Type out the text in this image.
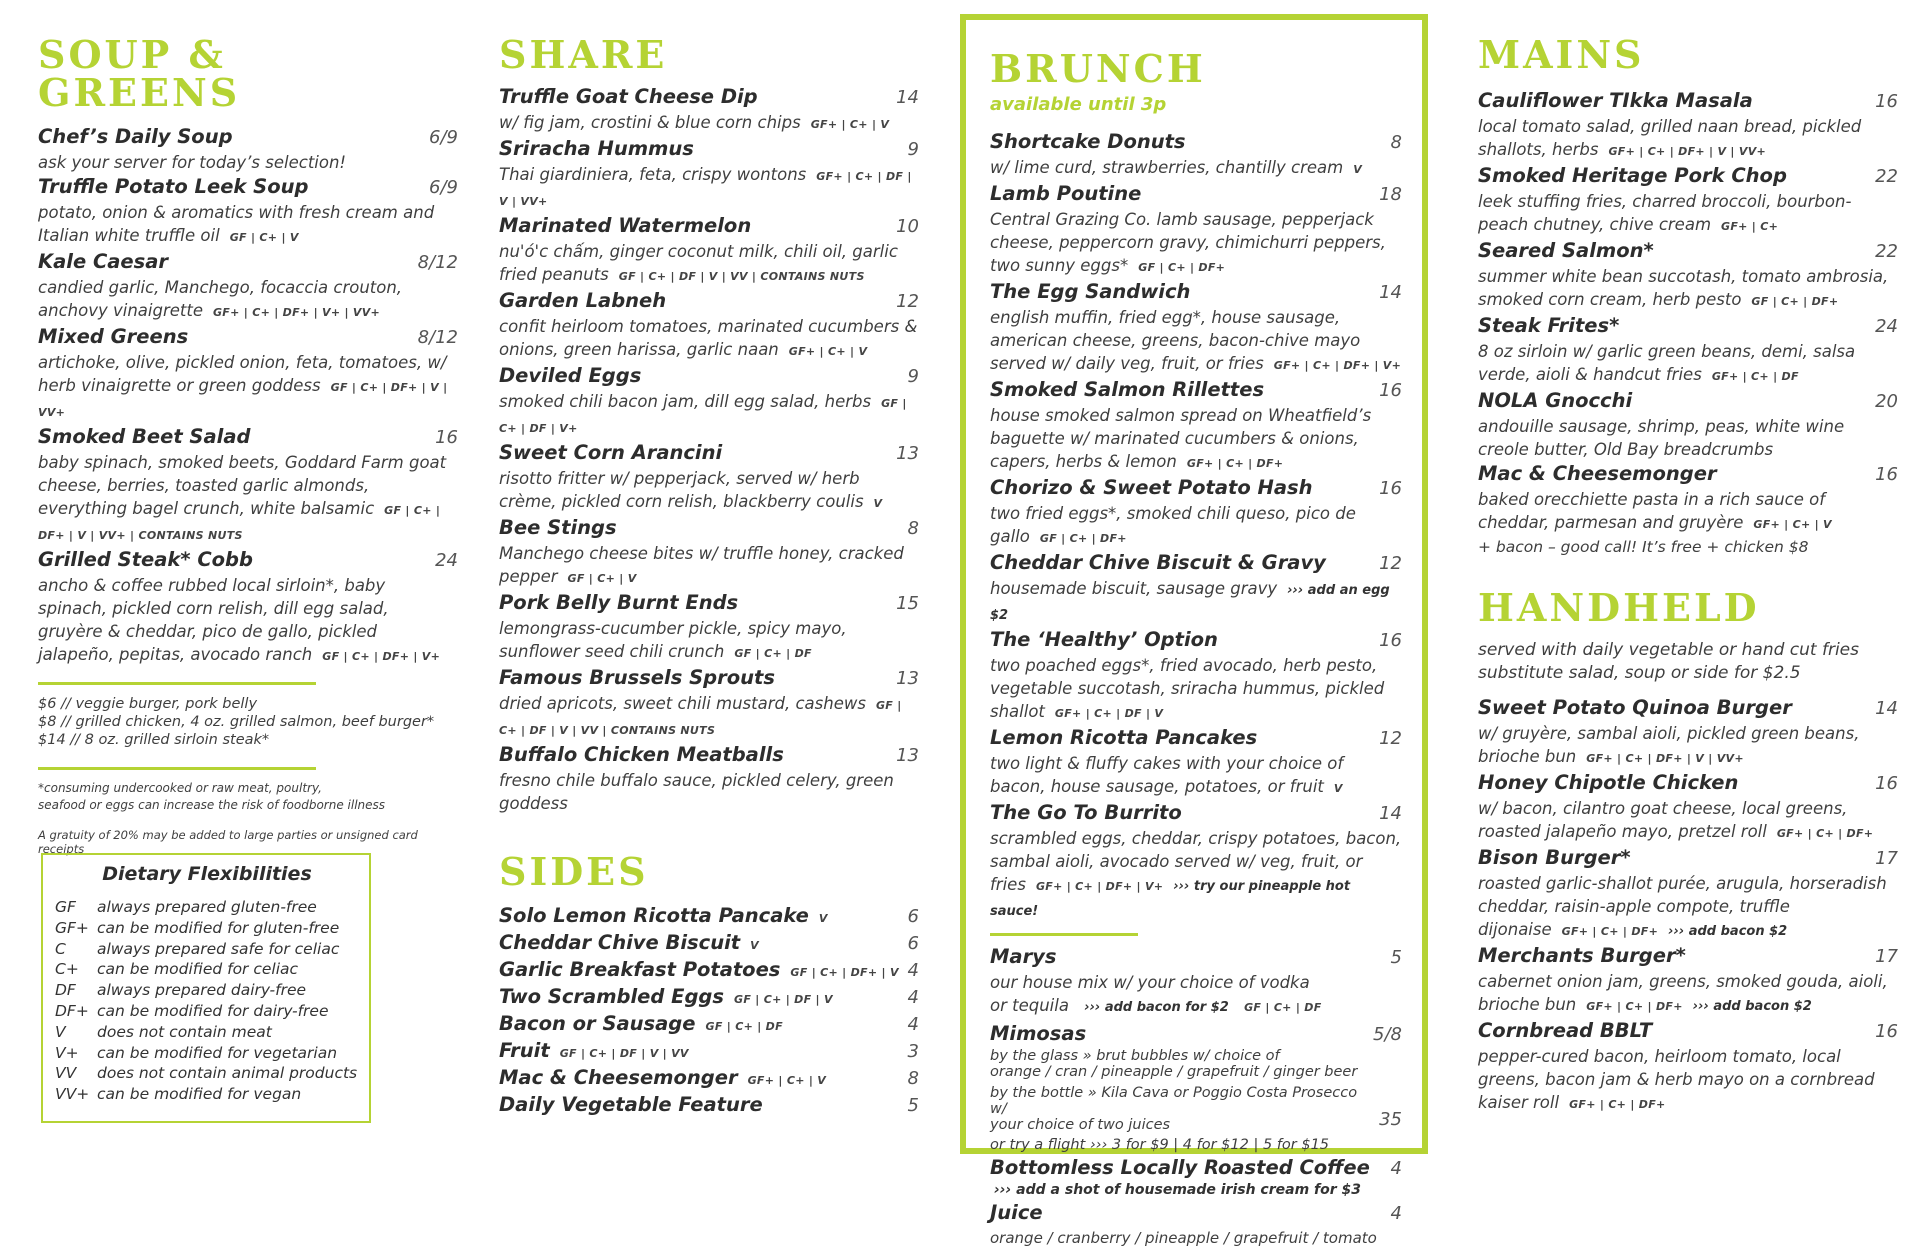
SOUP &
GREENS
Chef’s Daily Soup	6/9
ask your server for today’s selection!
Truffle Potato Leek Soup	6/9
potato, onion & aromatics with fresh cream and Italian white truffle oil GF | C+ | V
Kale Caesar	8/12
candied garlic, Manchego, focaccia crouton, anchovy vinaigrette GF+ | C+ | DF+ | V+ | VV+
Mixed Greens	8/12
artichoke, olive, pickled onion, feta, tomatoes, w/ herb vinaigrette or green goddess GF | C+ | DF+ | V | VV+
Smoked Beet Salad	16
baby spinach, smoked beets, Goddard Farm goat cheese, berries, toasted garlic almonds, everything bagel crunch, white balsamic GF | C+ | DF+ | V | VV+ | CONTAINS NUTS
Grilled Steak* Cobb	24
ancho & coffee rubbed local sirloin*, baby spinach, pickled corn relish, dill egg salad, gruyère & cheddar, pico de gallo, pickled jalapeño, pepitas, avocado ranch GF | C+ | DF+ | V+
$6 // veggie burger, pork belly
$8 // grilled chicken, 4 oz. grilled salmon, beef burger*
$14 // 8 oz. grilled sirloin steak*
*consuming undercooked or raw meat, poultry,
seafood or eggs can increase the risk of foodborne illness
A gratuity of 20% may be added to large parties or unsigned card receipts
Dietary Flexibilities
GF	always prepared gluten-free
GF+ can be modified for gluten-free
C	always prepared safe for celiac
C+	can be modified for celiac
DF	always prepared dairy-free
DF+ can be modified for dairy-free
V	does not contain meat
V+	can be modified for vegetarian
VV	does not contain animal products
VV+ can be modified for vegan
SHARE
Truffle Goat Cheese Dip	14
w/ fig jam, crostini & blue corn chips GF+ | C+ | V
Sriracha Hummus	9
Thai giardiniera, feta, crispy wontons GF+ | C+ | DF | V | VV+
Marinated Watermelon	10
nu'ó'c chấm, ginger coconut milk, chili oil, garlic fried peanuts GF | C+ | DF | V | VV | CONTAINS NUTS
Garden Labneh	12
confit heirloom tomatoes, marinated cucumbers & onions, green harissa, garlic naan GF+ | C+ | V
Deviled Eggs	9
smoked chili bacon jam, dill egg salad, herbs GF | C+ | DF | V+
Sweet Corn Arancini	13
risotto fritter w/ pepperjack, served w/ herb crème, pickled corn relish, blackberry coulis V
Bee Stings	8
Manchego cheese bites w/ truffle honey, cracked pepper GF | C+ | V
Pork Belly Burnt Ends	15
lemongrass-cucumber pickle, spicy mayo, sunflower seed chili crunch GF | C+ | DF
Famous Brussels Sprouts	13
dried apricots, sweet chili mustard, cashews GF | C+ | DF | V | VV | CONTAINS NUTS
Buffalo Chicken Meatballs	13
fresno chile buffalo sauce, pickled celery, green goddess
SIDES
Solo Lemon Ricotta Pancake V	6
Cheddar Chive Biscuit V	6
Garlic Breakfast Potatoes GF | C+ | DF+ | V 4
Two Scrambled Eggs GF | C+ | DF | V	4
Bacon or Sausage GF | C+ | DF	4
Fruit GF | C+ | DF | V | VV	3
Mac & Cheesemonger GF+ | C+ | V	8
Daily Vegetable Feature	5
BRUNCH
available until 3p
Shortcake Donuts	8
w/ lime curd, strawberries, chantilly cream V
Lamb Poutine	18
Central Grazing Co. lamb sausage, pepperjack cheese, peppercorn gravy, chimichurri peppers, two sunny eggs* GF | C+ | DF+
The Egg Sandwich	14
english muffin, fried egg*, house sausage, american cheese, greens, bacon-chive mayo served w/ daily veg, fruit, or fries GF+ | C+ | DF+ | V+
Smoked Salmon Rillettes	16
house smoked salmon spread on Wheatfield’s baguette w/ marinated cucumbers & onions, capers, herbs & lemon GF+ | C+ | DF+
Chorizo & Sweet Potato Hash	16
two fried eggs*, smoked chili queso, pico de gallo GF | C+ | DF+
Cheddar Chive Biscuit & Gravy	12
housemade biscuit, sausage gravy ››› add an egg $2
The ‘Healthy’ Option	16
two poached eggs*, fried avocado, herb pesto, vegetable succotash, sriracha hummus, pickled shallot GF+ | C+ | DF | V
Lemon Ricotta Pancakes	12
two light & fluffy cakes with your choice of bacon, house sausage, potatoes, or fruit V
The Go To Burrito	14
scrambled eggs, cheddar, crispy potatoes, bacon, sambal aioli, avocado served w/ veg, fruit, or fries GF+ | C+ | DF+ | V+ ››› try our pineapple hot sauce!
Marys	5
our house mix w/ your choice of vodka
or tequila ››› add bacon for $2 GF | C+ | DF
Mimosas	5/8
by the glass » brut bubbles w/ choice of
orange / cran / pineapple / grapefruit / ginger beer
by the bottle » Kila Cava or Poggio Costa Prosecco w/
your choice of two juices	35
or try a flight ››› 3 for $9 | 4 for $12 | 5 for $15
Bottomless Locally Roasted Coffee	4
››› add a shot of housemade irish cream for $3
Juice	4
orange / cranberry / pineapple / grapefruit / tomato
MAINS
Cauliflower TIkka Masala	16
local tomato salad, grilled naan bread, pickled shallots, herbs GF+ | C+ | DF+ | V | VV+
Smoked Heritage Pork Chop	22
leek stuffing fries, charred broccoli, bourbon-peach chutney, chive cream GF+ | C+
Seared Salmon*	22
summer white bean succotash, tomato ambrosia, smoked corn cream, herb pesto GF | C+ | DF+
Steak Frites*	24
8 oz sirloin w/ garlic green beans, demi, salsa verde, aioli & handcut fries GF+ | C+ | DF
NOLA Gnocchi	20
andouille sausage, shrimp, peas, white wine creole butter, Old Bay breadcrumbs
Mac & Cheesemonger	16
baked orecchiette pasta in a rich sauce of cheddar, parmesan and gruyère GF+ | C+ | V
+ bacon – good call! It’s free + chicken $8
HANDHELD
served with daily vegetable or hand cut fries
substitute salad, soup or side for $2.5
Sweet Potato Quinoa Burger	14
w/ gruyère, sambal aioli, pickled green beans, brioche bun GF+ | C+ | DF+ | V | VV+
Honey Chipotle Chicken	16
w/ bacon, cilantro goat cheese, local greens, roasted jalapeño mayo, pretzel roll GF+ | C+ | DF+
Bison Burger*	17
roasted garlic-shallot purée, arugula, horseradish cheddar, raisin-apple compote, truffle dijonaise GF+ | C+ | DF+ ››› add bacon $2
Merchants Burger*	17
cabernet onion jam, greens, smoked gouda, aioli, brioche bun GF+ | C+ | DF+ ››› add bacon $2
Cornbread BBLT	16
pepper-cured bacon, heirloom tomato, local greens, bacon jam & herb mayo on a cornbread kaiser roll GF+ | C+ | DF+
